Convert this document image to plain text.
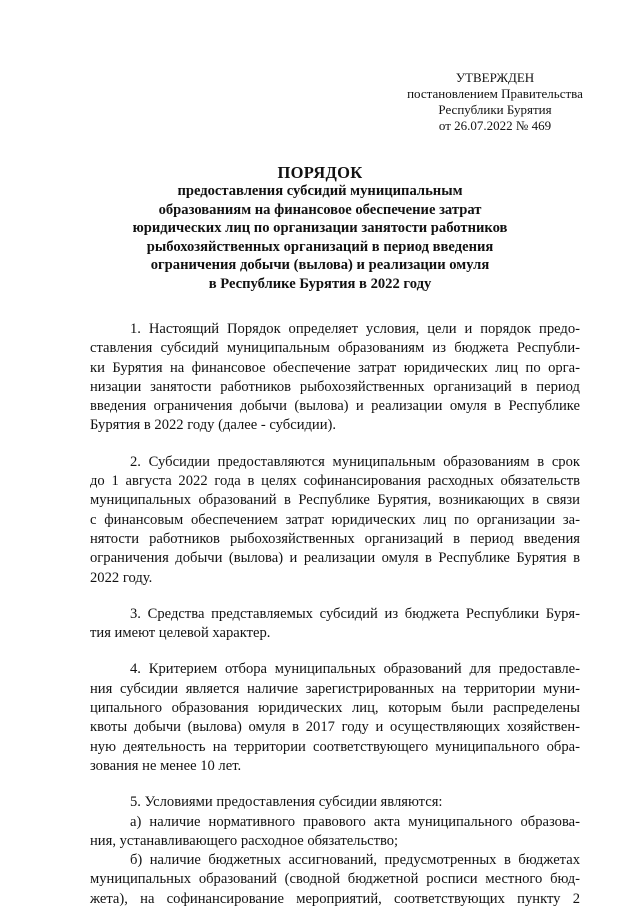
УТВЕРЖДЕН
постановлением Правительства
Республики Бурятия
от 26.07.2022 № 469
ПОРЯДОК
предоставления субсидий муниципальным
образованиям на финансовое обеспечение затрат
юридических лиц по организации занятости работников
рыбохозяйственных организаций в период введения
ограничения добычи (вылова) и реализации омуля
в Республике Бурятия в 2022 году

1. Настоящий Порядок определяет условия, цели и порядок предо-
ставления субсидий муниципальным образованиям из бюджета Республи-
ки Бурятия на финансовое обеспечение затрат юридических лиц по орга-
низации занятости работников рыбохозяйственных организаций в период
введения ограничения добычи (вылова) и реализации омуля в Республике
Бурятия в 2022 году (далее - субсидии).

2. Субсидии предоставляются муниципальным образованиям в срок
до 1 августа 2022 года в целях софинансирования расходных обязательств
муниципальных образований в Республике Бурятия, возникающих в связи
с финансовым обеспечением затрат юридических лиц по организации за-
нятости работников рыбохозяйственных организаций в период введения
ограничения добычи (вылова) и реализации омуля в Республике Бурятия в
2022 году.

3. Средства представляемых субсидий из бюджета Республики Буря-
тия имеют целевой характер.

4. Критерием отбора муниципальных образований для предоставле-
ния субсидии является наличие зарегистрированных на территории муни-
ципального образования юридических лиц, которым были распределены
квоты добычи (вылова) омуля в 2017 году и осуществляющих хозяйствен-
ную деятельность на территории соответствующего муниципального обра-
зования не менее 10 лет.

5. Условиями предоставления субсидии являются:
а) наличие нормативного правового акта муниципального образова-
ния, устанавливающего расходное обязательство;
б) наличие бюджетных ассигнований, предусмотренных в бюджетах
муниципальных образований (сводной бюджетной росписи местного бюд-
жета), на софинансирование мероприятий, соответствующих пункту 2
